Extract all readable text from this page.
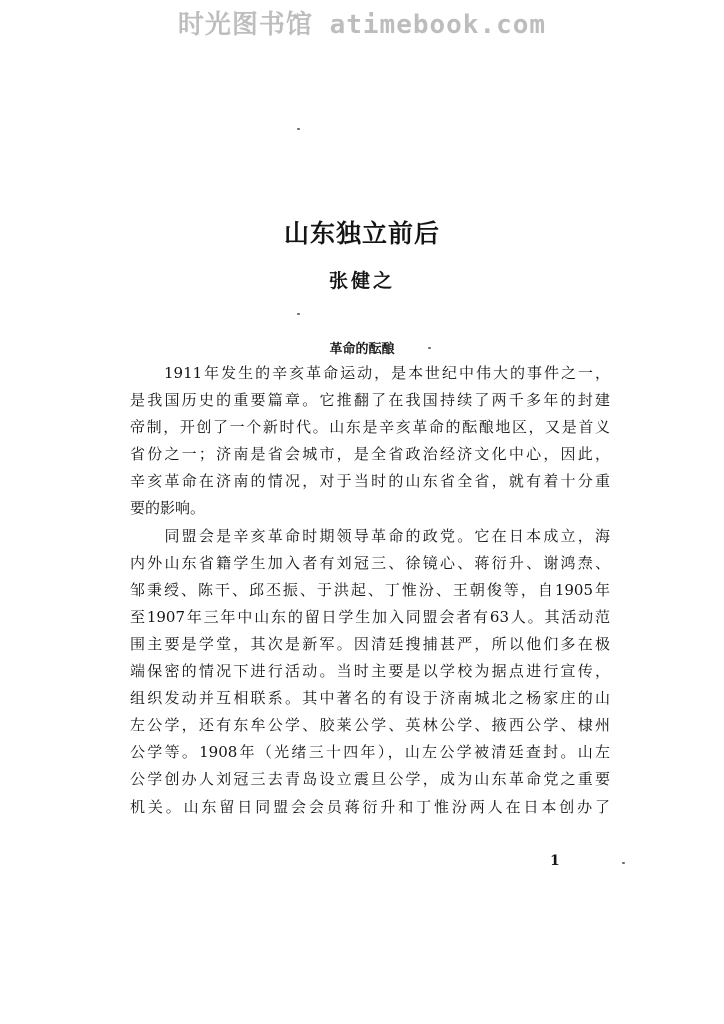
时光图书馆 atimebook.com
山东独立前后
张健之
革命的酝酿
　　1911年发生的辛亥革命运动，是本世纪中伟大的事件之一，
是我国历史的重要篇章。它推翻了在我国持续了两千多年的封建
帝制，开创了一个新时代。山东是辛亥革命的酝酿地区，又是首义
省份之一；济南是省会城市，是全省政治经济文化中心，因此，
辛亥革命在济南的情况，对于当时的山东省全省，就有着十分重
要的影响。
　　同盟会是辛亥革命时期领导革命的政党。它在日本成立，海
内外山东省籍学生加入者有刘冠三、徐镜心、蒋衍升、谢鸿焘、
邹秉绶、陈干、邱丕振、于洪起、丁惟汾、王朝俊等，自1905年
至1907年三年中山东的留日学生加入同盟会者有63人。其活动范
围主要是学堂，其次是新军。因清廷搜捕甚严，所以他们多在极
端保密的情况下进行活动。当时主要是以学校为据点进行宣传，
组织发动并互相联系。其中著名的有设于济南城北之杨家庄的山
左公学，还有东牟公学、胶莱公学、英林公学、掖西公学、棣州
公学等。1908年（光绪三十四年），山左公学被清廷查封。山左
公学创办人刘冠三去青岛设立震旦公学，成为山东革命党之重要
机关。山东留日同盟会会员蒋衍升和丁惟汾两人在日本创办了
1
